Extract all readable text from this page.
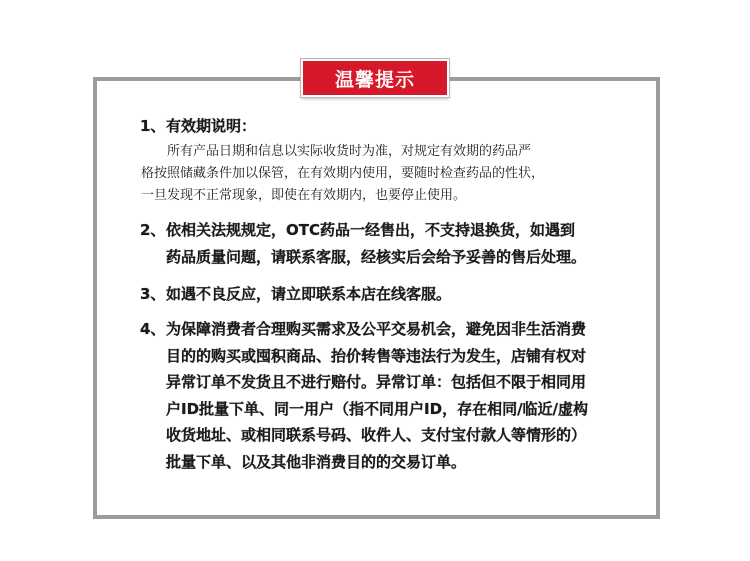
温馨提示
1、 有效期说明：
所有产品日期和信息以实际收货时为准，对规定有效期的药品严
格按照储藏条件加以保管，在有效期内使用，要随时检查药品的性状，
一旦发现不正常现象，即使在有效期内，也要停止使用。
2、 依相关法规规定，OTC药品一经售出，不支持退换货，如遇到
药品质量问题，请联系客服，经核实后会给予妥善的售后处理。
3、 如遇不良反应，请立即联系本店在线客服。
4、 为保障消费者合理购买需求及公平交易机会，避免因非生活消费
目的的购买或囤积商品、抬价转售等违法行为发生，店铺有权对
异常订单不发货且不进行赔付。异常订单：包括但不限于相同用
户ID批量下单、同一用户（指不同用户ID，存在相同/临近/虚构
收货地址、或相同联系号码、收件人、支付宝付款人等情形的）
批量下单、以及其他非消费目的的交易订单。
